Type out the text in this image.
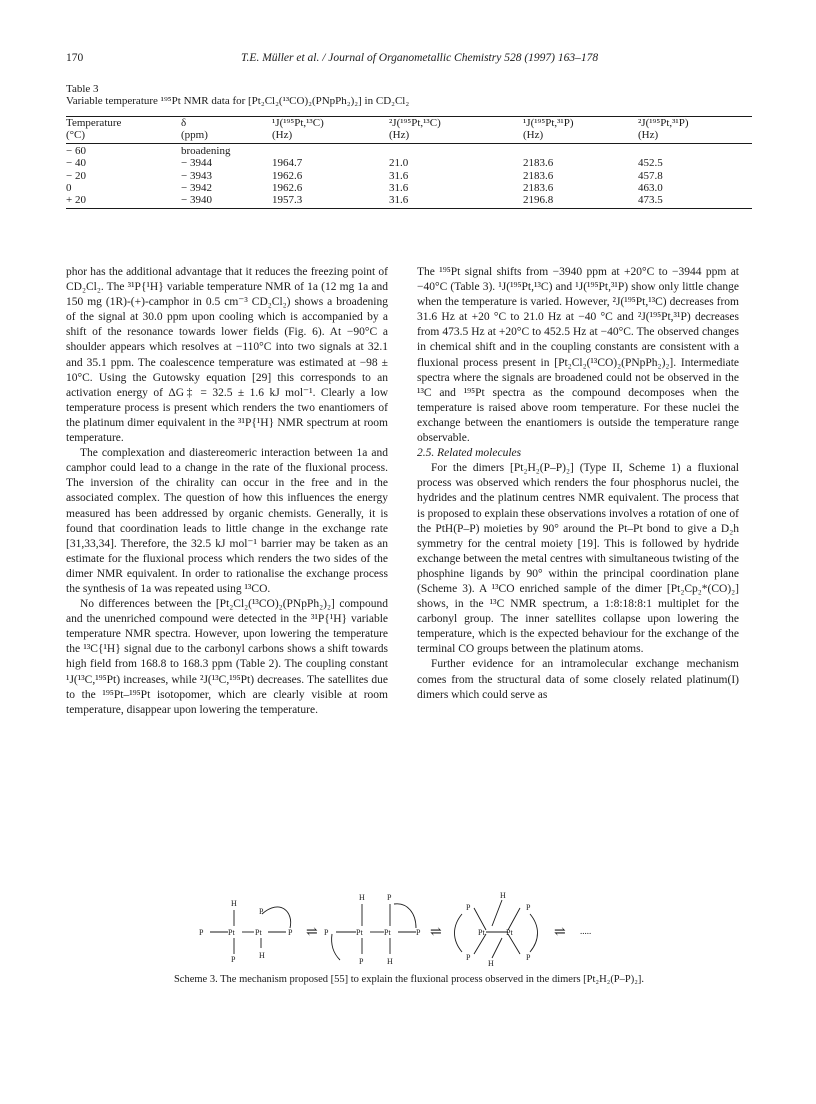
170	T.E. Müller et al. / Journal of Organometallic Chemistry 528 (1997) 163–178
Table 3
Variable temperature ¹⁹⁵Pt NMR data for [Pt₂Cl₂(¹³CO)₂(PNpPh₂)₂] in CD₂Cl₂
Temperature	δ	¹J(¹⁹⁵Pt,¹³C)	²J(¹⁹⁵Pt,¹³C)	¹J(¹⁹⁵Pt,³¹P)	²J(¹⁹⁵Pt,³¹P)
(°C)	(ppm)	(Hz)	(Hz)	(Hz)	(Hz)

− 60	broadening				
− 40	− 3944	1964.7	21.0	2183.6	452.5
− 20	− 3943	1962.6	31.6	2183.6	457.8
0	− 3942	1962.6	31.6	2183.6	463.0
+ 20	− 3940	1957.3	31.6	2196.8	473.5

phor has the additional advantage that it reduces the freezing point of CD₂Cl₂. The ³¹P{¹H} variable temperature NMR of 1a (12 mg 1a and 150 mg (1R)-(+)-camphor in 0.5 cm⁻³ CD₂Cl₂) shows a broadening of the signal at 30.0 ppm upon cooling which is accompanied by a shift of the resonance towards lower fields (Fig. 6). At −90°C a shoulder appears which resolves at −110°C into two signals at 32.1 and 35.1 ppm. The coalescence temperature was estimated at −98 ± 10°C. Using the Gutowsky equation [29] this corresponds to an activation energy of ΔG‡ = 32.5 ± 1.6 kJ mol⁻¹. Clearly a low temperature process is present which renders the two enantiomers of the platinum dimer equivalent in the ³¹P{¹H} NMR spectrum at room temperature.

The complexation and diastereomeric interaction between 1a and camphor could lead to a change in the rate of the fluxional process. The inversion of the chirality can occur in the free and in the associated complex. The question of how this influences the energy measured has been addressed by organic chemists. Generally, it is found that coordination leads to little change in the exchange rate [31,33,34]. Therefore, the 32.5 kJ mol⁻¹ barrier may be taken as an estimate for the fluxional process which renders the two sides of the dimer NMR equivalent. In order to rationalise the exchange process the synthesis of 1a was repeated using ¹³CO.

No differences between the [Pt₂Cl₂(¹³CO)₂(PNpPh₂)₂] compound and the unenriched compound were detected in the ³¹P{¹H} variable temperature NMR spectra. However, upon lowering the temperature the ¹³C{¹H} signal due to the carbonyl carbons shows a shift towards high field from 168.8 to 168.3 ppm (Table 2). The coupling constant ¹J(¹³C,¹⁹⁵Pt) increases, while ²J(¹³C,¹⁹⁵Pt) decreases. The satellites due to the ¹⁹⁵Pt–¹⁹⁵Pt isotopomer, which are clearly visible at room temperature, disappear upon lowering the temperature.

The ¹⁹⁵Pt signal shifts from −3940 ppm at +20°C to −3944 ppm at −40°C (Table 3). ¹J(¹⁹⁵Pt,¹³C) and ¹J(¹⁹⁵Pt,³¹P) show only little change when the temperature is varied. However, ²J(¹⁹⁵Pt,¹³C) decreases from 31.6 Hz at +20 °C to 21.0 Hz at −40 °C and ²J(¹⁹⁵Pt,³¹P) decreases from 473.5 Hz at +20°C to 452.5 Hz at −40°C. The observed changes in chemical shift and in the coupling constants are consistent with a fluxional process present in [Pt₂Cl₂(¹³CO)₂(PNpPh₂)₂]. Intermediate spectra where the signals are broadened could not be observed in the ¹³C and ¹⁹⁵Pt spectra as the compound decomposes when the temperature is raised above room temperature. For these nuclei the exchange between the enantiomers is outside the temperature range observable.

2.5. Related molecules

For the dimers [Pt₂H₂(P–P)₂] (Type II, Scheme 1) a fluxional process was observed which renders the four phosphorus nuclei, the hydrides and the platinum centres NMR equivalent. The process that is proposed to explain these observations involves a rotation of one of the PtH(P–P) moieties by 90° around the Pt–Pt bond to give a D₂h symmetry for the central moiety [19]. This is followed by hydride exchange between the metal centres with simultaneous twisting of the phosphine ligands by 90° within the principal coordination plane (Scheme 3). A ¹³CO enriched sample of the dimer [Pt₂Cp₂*(CO)₂] shows, in the ¹³C NMR spectrum, a 1:8:18:8:1 multiplet for the carbonyl group. The inner satellites collapse upon lowering the temperature, which is the expected behaviour for the exchange of the terminal CO groups between the platinum atoms.

Further evidence for an intramolecular exchange mechanism comes from the structural data of some closely related platinum(I) dimers which could serve as

P	Pt	Pt	P
H
P
P	H
⇌ P	Pt	Pt	P
H	P
P	H
⇌	Pt	Pt
P	P
P	P
H
H
⇌ .....
Scheme 3. The mechanism proposed [55] to explain the fluxional process observed in the dimers [Pt₂H₂(P–P)₂].
